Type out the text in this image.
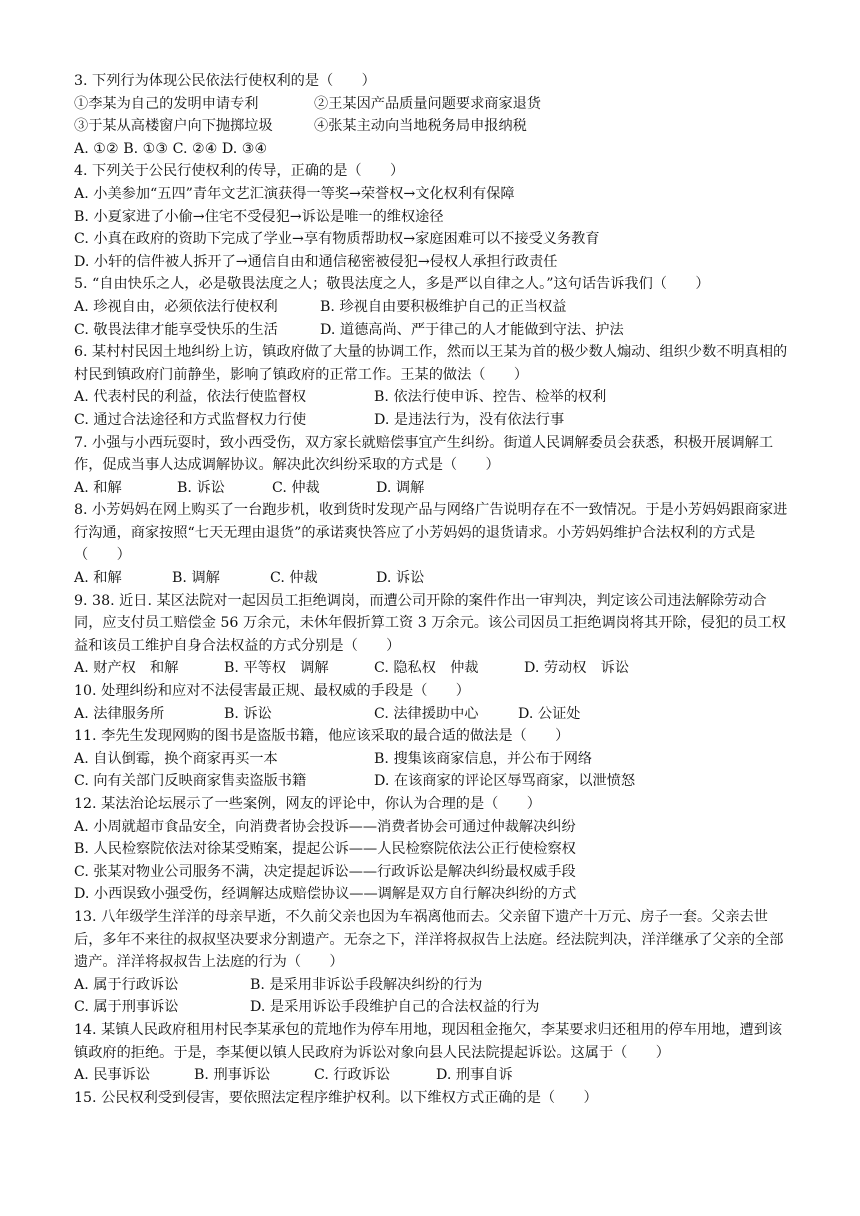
3. 下列行为体现公民依法行使权利的是（　　）
①李某为自己的发明申请专利	②王某因产品质量问题要求商家退货
③于某从高楼窗户向下抛掷垃圾	④张某主动向当地税务局申报纳税
A. ①② B. ①③ C. ②④ D. ③④
4. 下列关于公民行使权利的传导，正确的是（　　）
A. 小美参加“五四”青年文艺汇演获得一等奖→荣誉权→文化权利有保障
B. 小夏家进了小偷→住宅不受侵犯→诉讼是唯一的维权途径
C. 小真在政府的资助下完成了学业→享有物质帮助权→家庭困难可以不接受义务教育
D. 小轩的信件被人拆开了→通信自由和通信秘密被侵犯→侵权人承担行政责任
5. “自由快乐之人，必是敬畏法度之人；敬畏法度之人，多是严以自律之人。”这句话告诉我们（　　）
A. 珍视自由，必须依法行使权利	B. 珍视自由要积极维护自己的正当权益
C. 敬畏法律才能享受快乐的生活	D. 道德高尚、严于律己的人才能做到守法、护法
6. 某村村民因土地纠纷上访，镇政府做了大量的协调工作，然而以王某为首的极少数人煽动、组织少数不明真相的村民到镇政府门前静坐，影响了镇政府的正常工作。王某的做法（　　）
A. 代表村民的利益，依法行使监督权	B. 依法行使申诉、控告、检举的权利
C. 通过合法途径和方式监督权力行使	D. 是违法行为，没有依法行事
7. 小强与小西玩耍时，致小西受伤，双方家长就赔偿事宜产生纠纷。街道人民调解委员会获悉，积极开展调解工作，促成当事人达成调解协议。解决此次纠纷采取的方式是（　　）
A. 和解	B. 诉讼	C. 仲裁	D. 调解
8. 小芳妈妈在网上购买了一台跑步机，收到货时发现产品与网络广告说明存在不一致情况。于是小芳妈妈跟商家进行沟通，商家按照“七天无理由退货”的承诺爽快答应了小芳妈妈的退货请求。小芳妈妈维护合法权利的方式是（　　）
A. 和解	B. 调解	C. 仲裁	D. 诉讼
9. 38. 近日. 某区法院对一起因员工拒绝调岗，而遭公司开除的案件作出一审判决，判定该公司违法解除劳动合同，应支付员工赔偿金 56 万余元，未休年假折算工资 3 万余元。该公司因员工拒绝调岗将其开除，侵犯的员工权益和该员工维护自身合法权益的方式分别是（　　）
A. 财产权　和解	B. 平等权　调解	C. 隐私权　仲裁	D. 劳动权　诉讼
10. 处理纠纷和应对不法侵害最正规、最权威的手段是（　　）
A. 法律服务所	B. 诉讼	C. 法律援助中心	D. 公证处
11. 李先生发现网购的图书是盗版书籍，他应该采取的最合适的做法是（　　）
A. 自认倒霉，换个商家再买一本	B. 搜集该商家信息，并公布于网络
C. 向有关部门反映商家售卖盗版书籍	D. 在该商家的评论区辱骂商家，以泄愤怒
12. 某法治论坛展示了一些案例，网友的评论中，你认为合理的是（　　）
A. 小周就超市食品安全，向消费者协会投诉——消费者协会可通过仲裁解决纠纷
B. 人民检察院依法对徐某受贿案，提起公诉——人民检察院依法公正行使检察权
C. 张某对物业公司服务不满，决定提起诉讼——行政诉讼是解决纠纷最权威手段
D. 小西误致小强受伤，经调解达成赔偿协议——调解是双方自行解决纠纷的方式
13. 八年级学生洋洋的母亲早逝，不久前父亲也因为车祸离他而去。父亲留下遗产十万元、房子一套。父亲去世后，多年不来往的叔叔坚决要求分割遗产。无奈之下，洋洋将叔叔告上法庭。经法院判决，洋洋继承了父亲的全部遗产。洋洋将叔叔告上法庭的行为（　　）
A. 属于行政诉讼	B. 是采用非诉讼手段解决纠纷的行为
C. 属于刑事诉讼	D. 是采用诉讼手段维护自己的合法权益的行为
14. 某镇人民政府租用村民李某承包的荒地作为停车用地，现因租金拖欠，李某要求归还租用的停车用地，遭到该镇政府的拒绝。于是，李某便以镇人民政府为诉讼对象向县人民法院提起诉讼。这属于（　　）
A. 民事诉讼	B. 刑事诉讼	C. 行政诉讼	D. 刑事自诉
15. 公民权利受到侵害，要依照法定程序维护权利。以下维权方式正确的是（　　）
